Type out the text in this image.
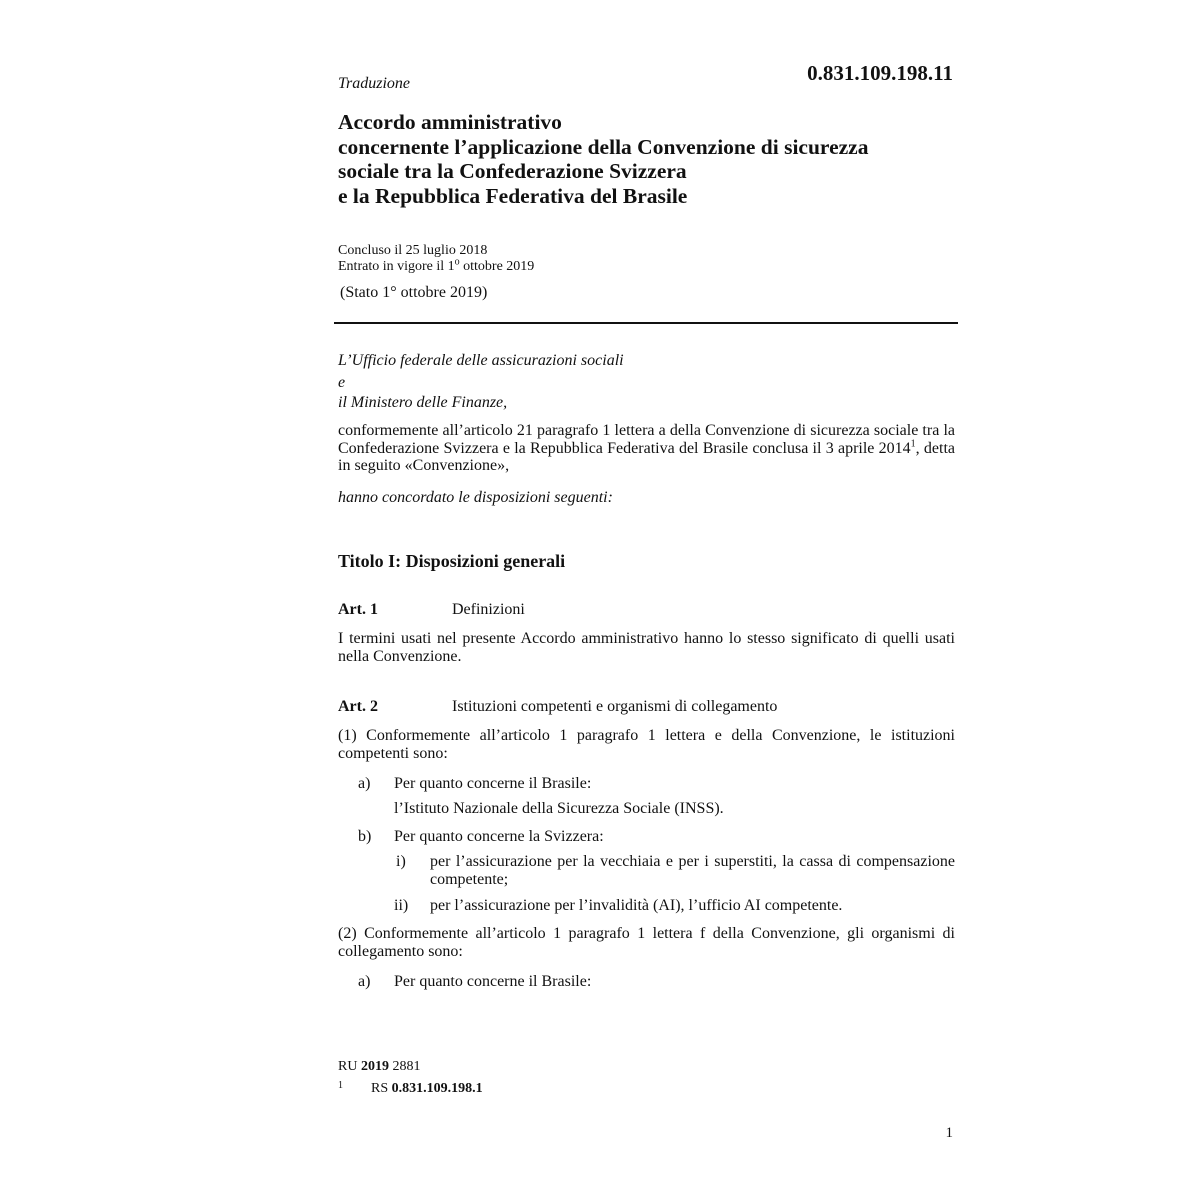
Traduzione	0.831.109.198.11
Accordo amministrativo
concernente l’applicazione della Convenzione di sicurezza
sociale tra la Confederazione Svizzera
e la Repubblica Federativa del Brasile
Concluso il 25 luglio 2018
Entrato in vigore il 1$^o$ ottobre 2019
(Stato 1° ottobre 2019)
L’Ufficio federale delle assicurazioni sociali
e
il Ministero delle Finanze,
conformemente all’articolo 21 paragrafo 1 lettera a della Convenzione di sicurezza sociale tra la Confederazione Svizzera e la Repubblica Federativa del Brasile conclusa il 3 aprile 2014$^1$, detta in seguito «Convenzione»,
hanno concordato le disposizioni seguenti:
Titolo I: Disposizioni generali
Art. 1	Definizioni
I termini usati nel presente Accordo amministrativo hanno lo stesso significato di quelli usati nella Convenzione.
Art. 2	Istituzioni competenti e organismi di collegamento
(1) Conformemente all’articolo 1 paragrafo 1 lettera e della Convenzione, le istituzioni competenti sono:
a) Per quanto concerne il Brasile:
l’Istituto Nazionale della Sicurezza Sociale (INSS).
b) Per quanto concerne la Svizzera:
i) per l’assicurazione per la vecchiaia e per i superstiti, la cassa di compensazione competente;
ii) per l’assicurazione per l’invalidità (AI), l’ufficio AI competente.
(2) Conformemente all’articolo 1 paragrafo 1 lettera f della Convenzione, gli organismi di collegamento sono:
a) Per quanto concerne il Brasile:
RU 2019 2881
1 RS 0.831.109.198.1
1
